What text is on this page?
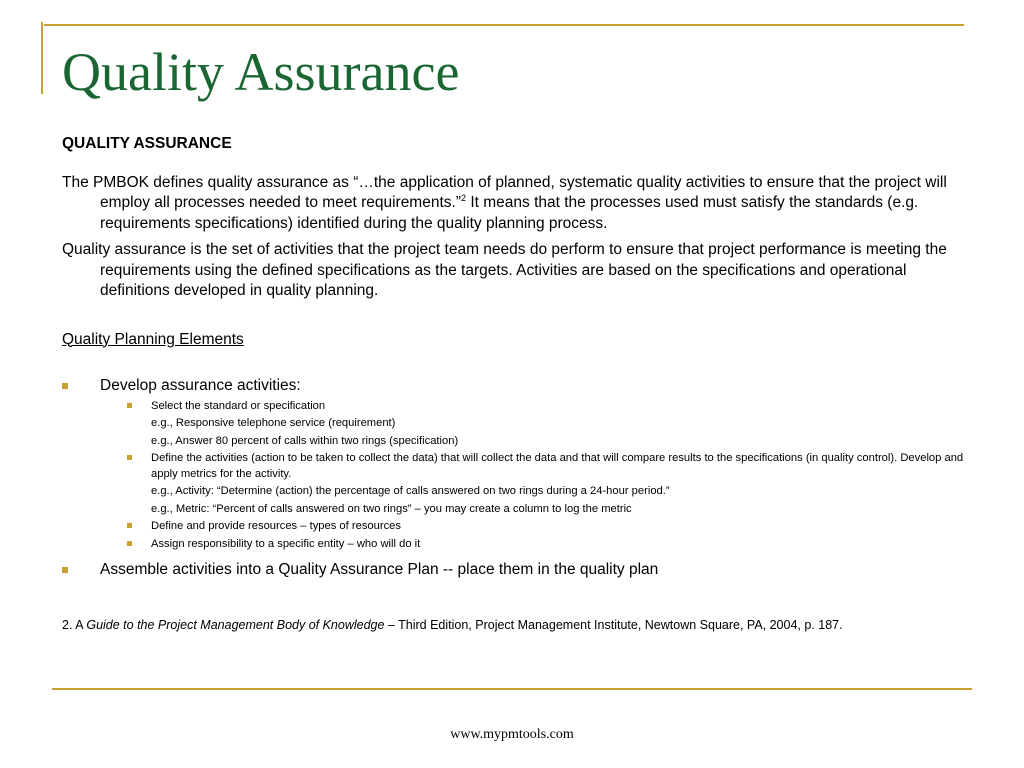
Quality Assurance
QUALITY ASSURANCE
The PMBOK defines quality assurance as “…the application of planned, systematic quality activities to ensure that the project will employ all processes needed to meet requirements.”$^2$ It means that the processes used must satisfy the standards (e.g. requirements specifications) identified during the quality planning process.
Quality assurance is the set of activities that the project team needs do perform to ensure that project performance is meeting the requirements using the defined specifications as the targets. Activities are based on the specifications and operational definitions developed in quality planning.
Quality Planning Elements
Develop assurance activities:
Select the standard or specification
e.g., Responsive telephone service (requirement)
e.g., Answer 80 percent of calls within two rings (specification)
Define the activities (action to be taken to collect the data) that will collect the data and that will compare results to the specifications (in quality control). Develop and apply metrics for the activity.
e.g., Activity: “Determine (action) the percentage of calls answered on two rings during a 24-hour period.”
e.g., Metric: “Percent of calls answered on two rings” – you may create a column to log the metric
Define and provide resources – types of resources
Assign responsibility to a specific entity – who will do it
Assemble activities into a Quality Assurance Plan -- place them in the quality plan
2. A Guide to the Project Management Body of Knowledge – Third Edition, Project Management Institute, Newtown Square, PA, 2004, p. 187.
www.mypmtools.com
